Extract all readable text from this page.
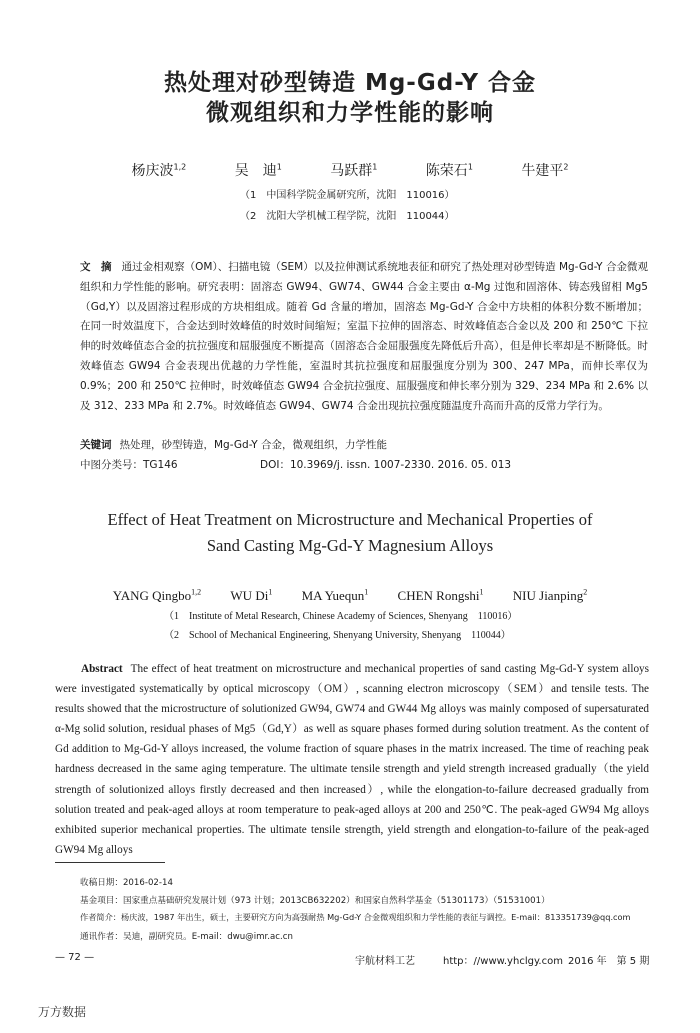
热处理对砂型铸造 Mg-Gd-Y 合金
微观组织和力学性能的影响
杨庆波$^{1,2}$	吴　迪$^1$	马跃群$^1$	陈荣石$^1$	牛建平$^2$
（1　中国科学院金属研究所，沈阳　110016）
（2　沈阳大学机械工程学院，沈阳　110044）
文　摘 通过金相观察（OM）、扫描电镜（SEM）以及拉伸测试系统地表征和研究了热处理对砂型铸造 Mg-Gd-Y 合金微观组织和力学性能的影响。研究表明：固溶态 GW94、GW74、GW44 合金主要由 α-Mg 过饱和固溶体、铸态残留相 Mg5（Gd,Y）以及固溶过程形成的方块相组成。随着 Gd 含量的增加，固溶态 Mg-Gd-Y 合金中方块相的体积分数不断增加；在同一时效温度下，合金达到时效峰值的时效时间缩短；室温下拉伸的固溶态、时效峰值态合金以及 200 和 250℃ 下拉伸的时效峰值态合金的抗拉强度和屈服强度不断提高（固溶态合金屈服强度先降低后升高），但是伸长率却是不断降低。时效峰值态 GW94 合金表现出优越的力学性能，室温时其抗拉强度和屈服强度分别为 300、247 MPa，而伸长率仅为 0.9%；200 和 250℃ 拉伸时，时效峰值态 GW94 合金抗拉强度、屈服强度和伸长率分别为 329、234 MPa 和 2.6% 以及 312、233 MPa 和 2.7%。时效峰值态 GW94、GW74 合金出现抗拉强度随温度升高而升高的反常力学行为。
关键词 热处理，砂型铸造，Mg-Gd-Y 合金，微观组织，力学性能
中图分类号：TG146	DOI：10.3969/j. issn. 1007-2330. 2016. 05. 013
Effect of Heat Treatment on Microstructure and Mechanical Properties of
Sand Casting Mg-Gd-Y Magnesium Alloys
YANG Qingbo$^{1,2}$ WU Di$^1$ MA Yuequn$^1$ CHEN Rongshi$^1$ NIU Jianping$^2$
（1　Institute of Metal Research, Chinese Academy of Sciences, Shenyang　110016）
（2　School of Mechanical Engineering, Shenyang University, Shenyang　110044）
Abstract The effect of heat treatment on microstructure and mechanical properties of sand casting Mg-Gd-Y system alloys were investigated systematically by optical microscopy（OM）, scanning electron microscopy（SEM）and tensile tests. The results showed that the microstructure of solutionized GW94, GW74 and GW44 Mg alloys was mainly composed of supersaturated α-Mg solid solution, residual phases of Mg5（Gd,Y）as well as square phases formed during solution treatment. As the content of Gd addition to Mg-Gd-Y alloys increased, the volume fraction of square phases in the matrix increased. The time of reaching peak hardness decreased in the same aging temperature. The ultimate tensile strength and yield strength increased gradually（the yield strength of solutionized alloys firstly decreased and then increased）, while the elongation-to-failure decreased gradually from solution treated and peak-aged alloys at room temperature to peak-aged alloys at 200 and 250℃. The peak-aged GW94 Mg alloys exhibited superior mechanical properties. The ultimate tensile strength, yield strength and elongation-to-failure of the peak-aged GW94 Mg alloys
收稿日期：2016-02-14
基金项目：国家重点基础研究发展计划（973 计划；2013CB632202）和国家自然科学基金（51301173）（51531001）
作者简介：杨庆波，1987 年出生，硕士，主要研究方向为高强耐热 Mg-Gd-Y 合金微观组织和力学性能的表征与调控。E-mail：813351739@qq.com
通讯作者：吴迪，副研究员。E-mail：dwu@imr.ac.cn
— 72 —	宇航材料工艺	http：//www.yhclgy.com 2016 年　第 5 期
万方数据
